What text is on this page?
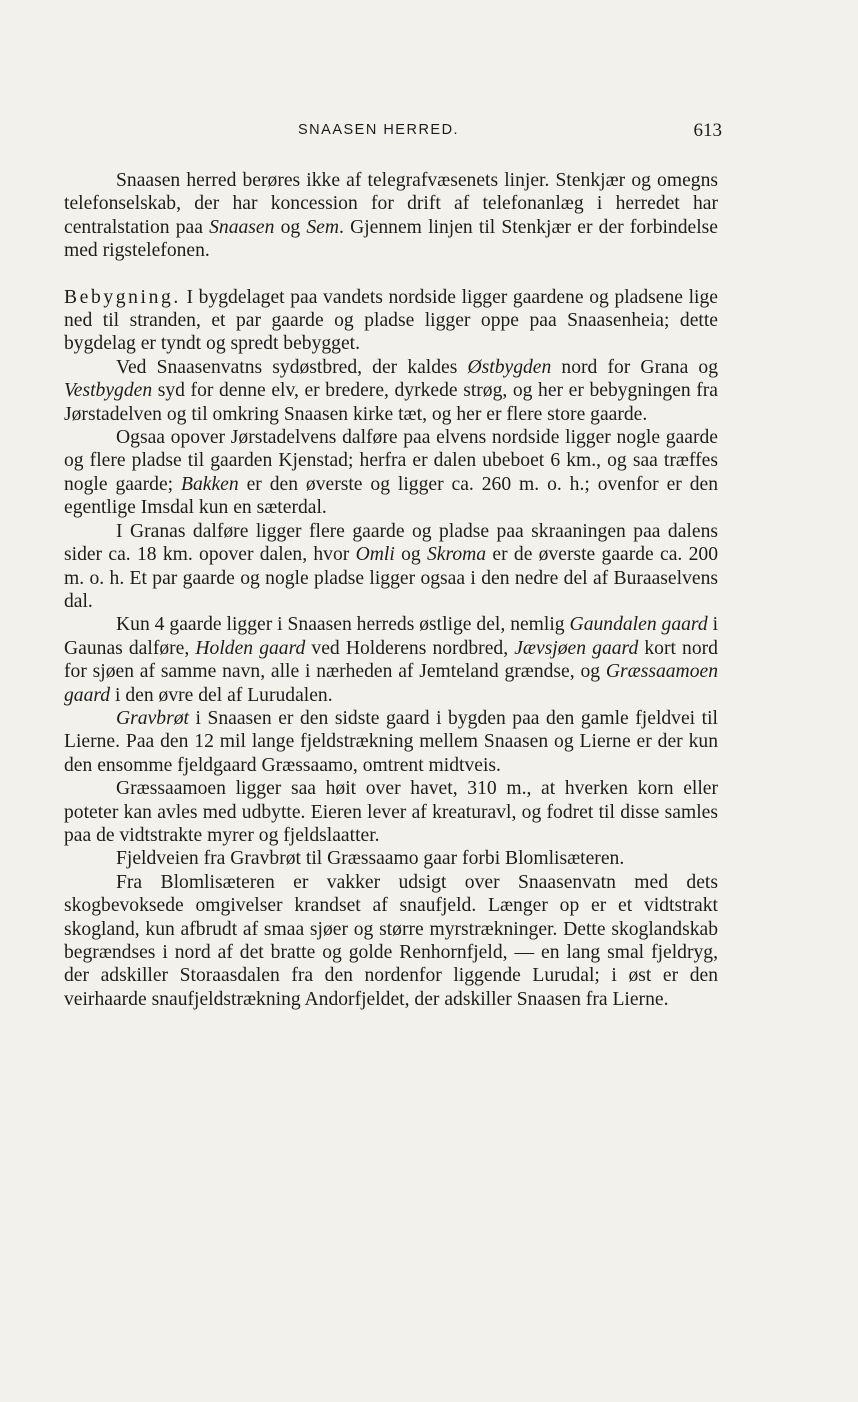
SNAASEN HERRED.	613

Snaasen herred berøres ikke af telegrafvæsenets linjer. Stenkjær og omegns telefonselskab, der har koncession for drift af telefonanlæg i herredet har centralstation paa Snaasen og Sem. Gjennem linjen til Stenkjær er der forbindelse med rigstelefonen.

Bebygning. I bygdelaget paa vandets nordside ligger gaardene og pladsene lige ned til stranden, et par gaarde og pladse ligger oppe paa Snaasenheia; dette bygdelag er tyndt og spredt bebygget.

Ved Snaasenvatns sydøstbred, der kaldes Østbygden nord for Grana og Vestbygden syd for denne elv, er bredere, dyrkede strøg, og her er bebygningen fra Jørstadelven og til omkring Snaasen kirke tæt, og her er flere store gaarde.

Ogsaa opover Jørstadelvens dalføre paa elvens nordside ligger nogle gaarde og flere pladse til gaarden Kjenstad; herfra er dalen ubeboet 6 km., og saa træffes nogle gaarde; Bakken er den øverste og ligger ca. 260 m. o. h.; ovenfor er den egentlige Imsdal kun en sæterdal.

I Granas dalføre ligger flere gaarde og pladse paa skraaningen paa dalens sider ca. 18 km. opover dalen, hvor Omli og Skroma er de øverste gaarde ca. 200 m. o. h. Et par gaarde og nogle pladse ligger ogsaa i den nedre del af Buraaselvens dal.

Kun 4 gaarde ligger i Snaasen herreds østlige del, nemlig Gaundalen gaard i Gaunas dalføre, Holden gaard ved Holderens nordbred, Jævsjøen gaard kort nord for sjøen af samme navn, alle i nærheden af Jemteland grændse, og Græssaamoen gaard i den øvre del af Lurudalen.

Gravbrøt i Snaasen er den sidste gaard i bygden paa den gamle fjeldvei til Lierne. Paa den 12 mil lange fjeldstrækning mellem Snaasen og Lierne er der kun den ensomme fjeldgaard Græssaamo, omtrent midtveis.

Græssaamoen ligger saa høit over havet, 310 m., at hverken korn eller poteter kan avles med udbytte. Eieren lever af kreaturavl, og fodret til disse samles paa de vidtstrakte myrer og fjeldslaatter.

Fjeldveien fra Gravbrøt til Græssaamo gaar forbi Blomlisæteren.

Fra Blomlisæteren er vakker udsigt over Snaasenvatn med dets skogbevoksede omgivelser krandset af snaufjeld. Længer op er et vidtstrakt skogland, kun afbrudt af smaa sjøer og større myrstrækninger. Dette skoglandskab begrændses i nord af det bratte og golde Renhornfjeld, — en lang smal fjeldryg, der adskiller Storaasdalen fra den nordenfor liggende Lurudal; i øst er den veirhaarde snaufjeldstrækning Andorfjeldet, der adskiller Snaasen fra Lierne.
